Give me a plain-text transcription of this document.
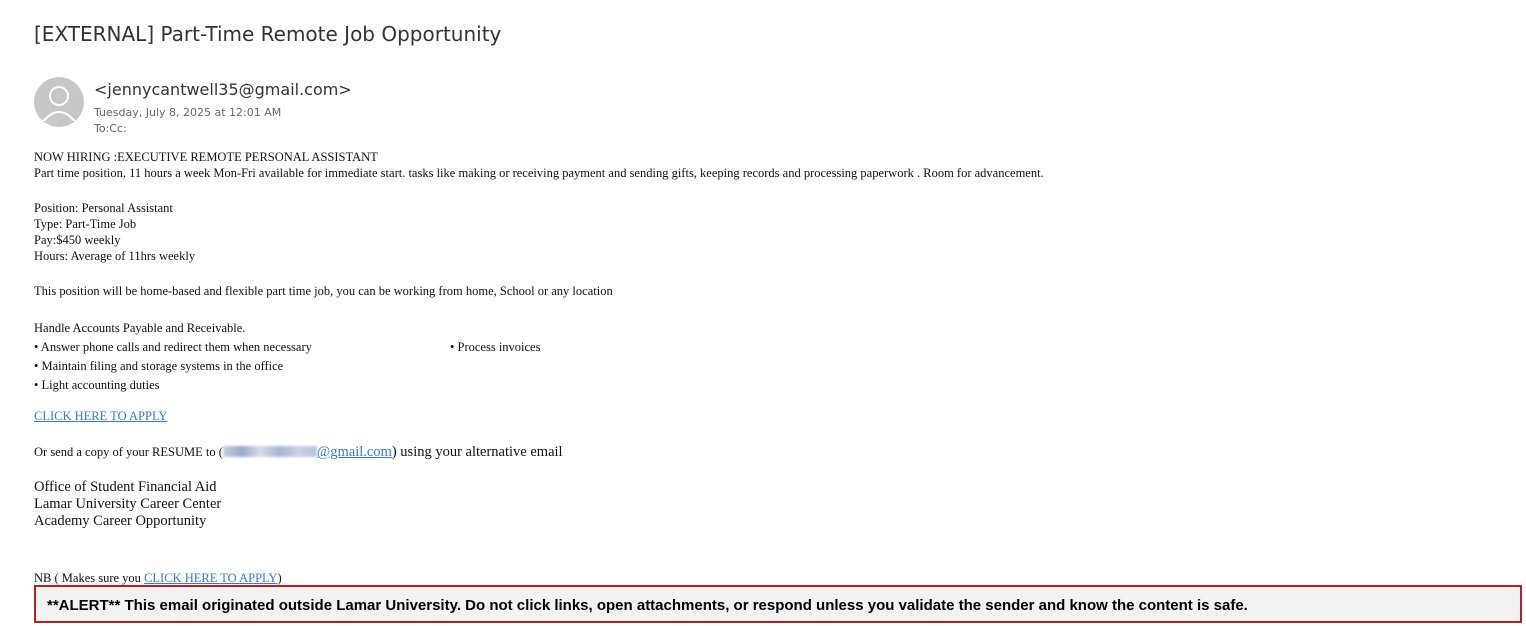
[EXTERNAL] Part-Time Remote Job Opportunity
<jennycantwell35@gmail.com>
Tuesday, July 8, 2025 at 12:01 AM
To:Cc:
NOW HIRING :EXECUTIVE REMOTE PERSONAL ASSISTANT
Part time position, 11 hours a week Mon-Fri available for immediate start. tasks like making or receiving payment and sending gifts, keeping records and processing paperwork . Room for advancement.
Position: Personal Assistant
Type: Part-Time Job
Pay:$450 weekly
Hours: Average of 11hrs weekly
This position will be home-based and flexible part time job, you can be working from home, School or any location
Handle Accounts Payable and Receivable.
• Answer phone calls and redirect them when necessary	• Process invoices
• Maintain filing and storage systems in the office
• Light accounting duties
CLICK HERE TO APPLY
Or send a copy of your RESUME to (	@gmail.com) using your alternative email
Office of Student Financial Aid
Lamar University Career Center
Academy Career Opportunity
NB ( Makes sure you CLICK HERE TO APPLY)
**ALERT** This email originated outside Lamar University. Do not click links, open attachments, or respond unless you validate the sender and know the content is safe.
